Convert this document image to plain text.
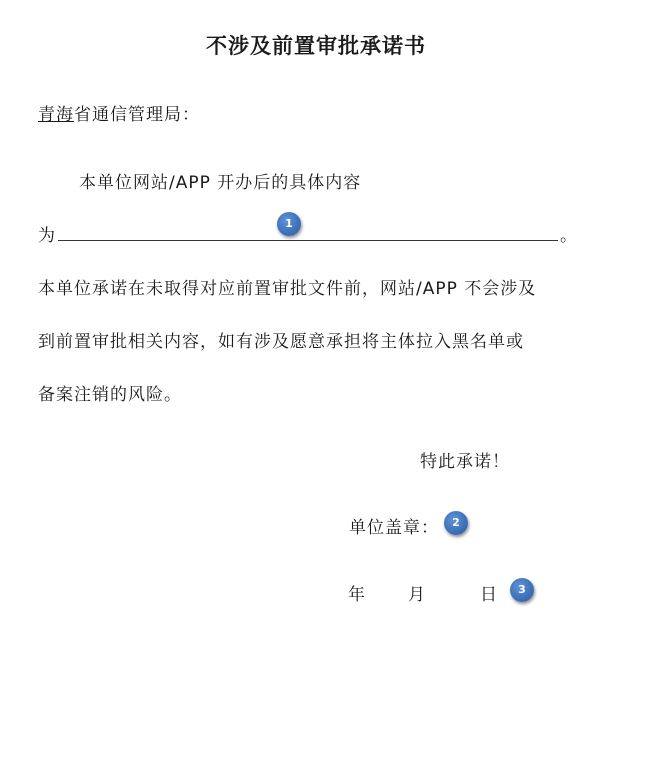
不涉及前置审批承诺书
青海省通信管理局：
本单位网站/APP 开办后的具体内容
为	。
本单位承诺在未取得对应前置审批文件前，网站/APP 不会涉及
到前置审批相关内容，如有涉及愿意承担将主体拉入黑名单或
备案注销的风险。
特此承诺！
单位盖章：
年 月	日
1
2
3
